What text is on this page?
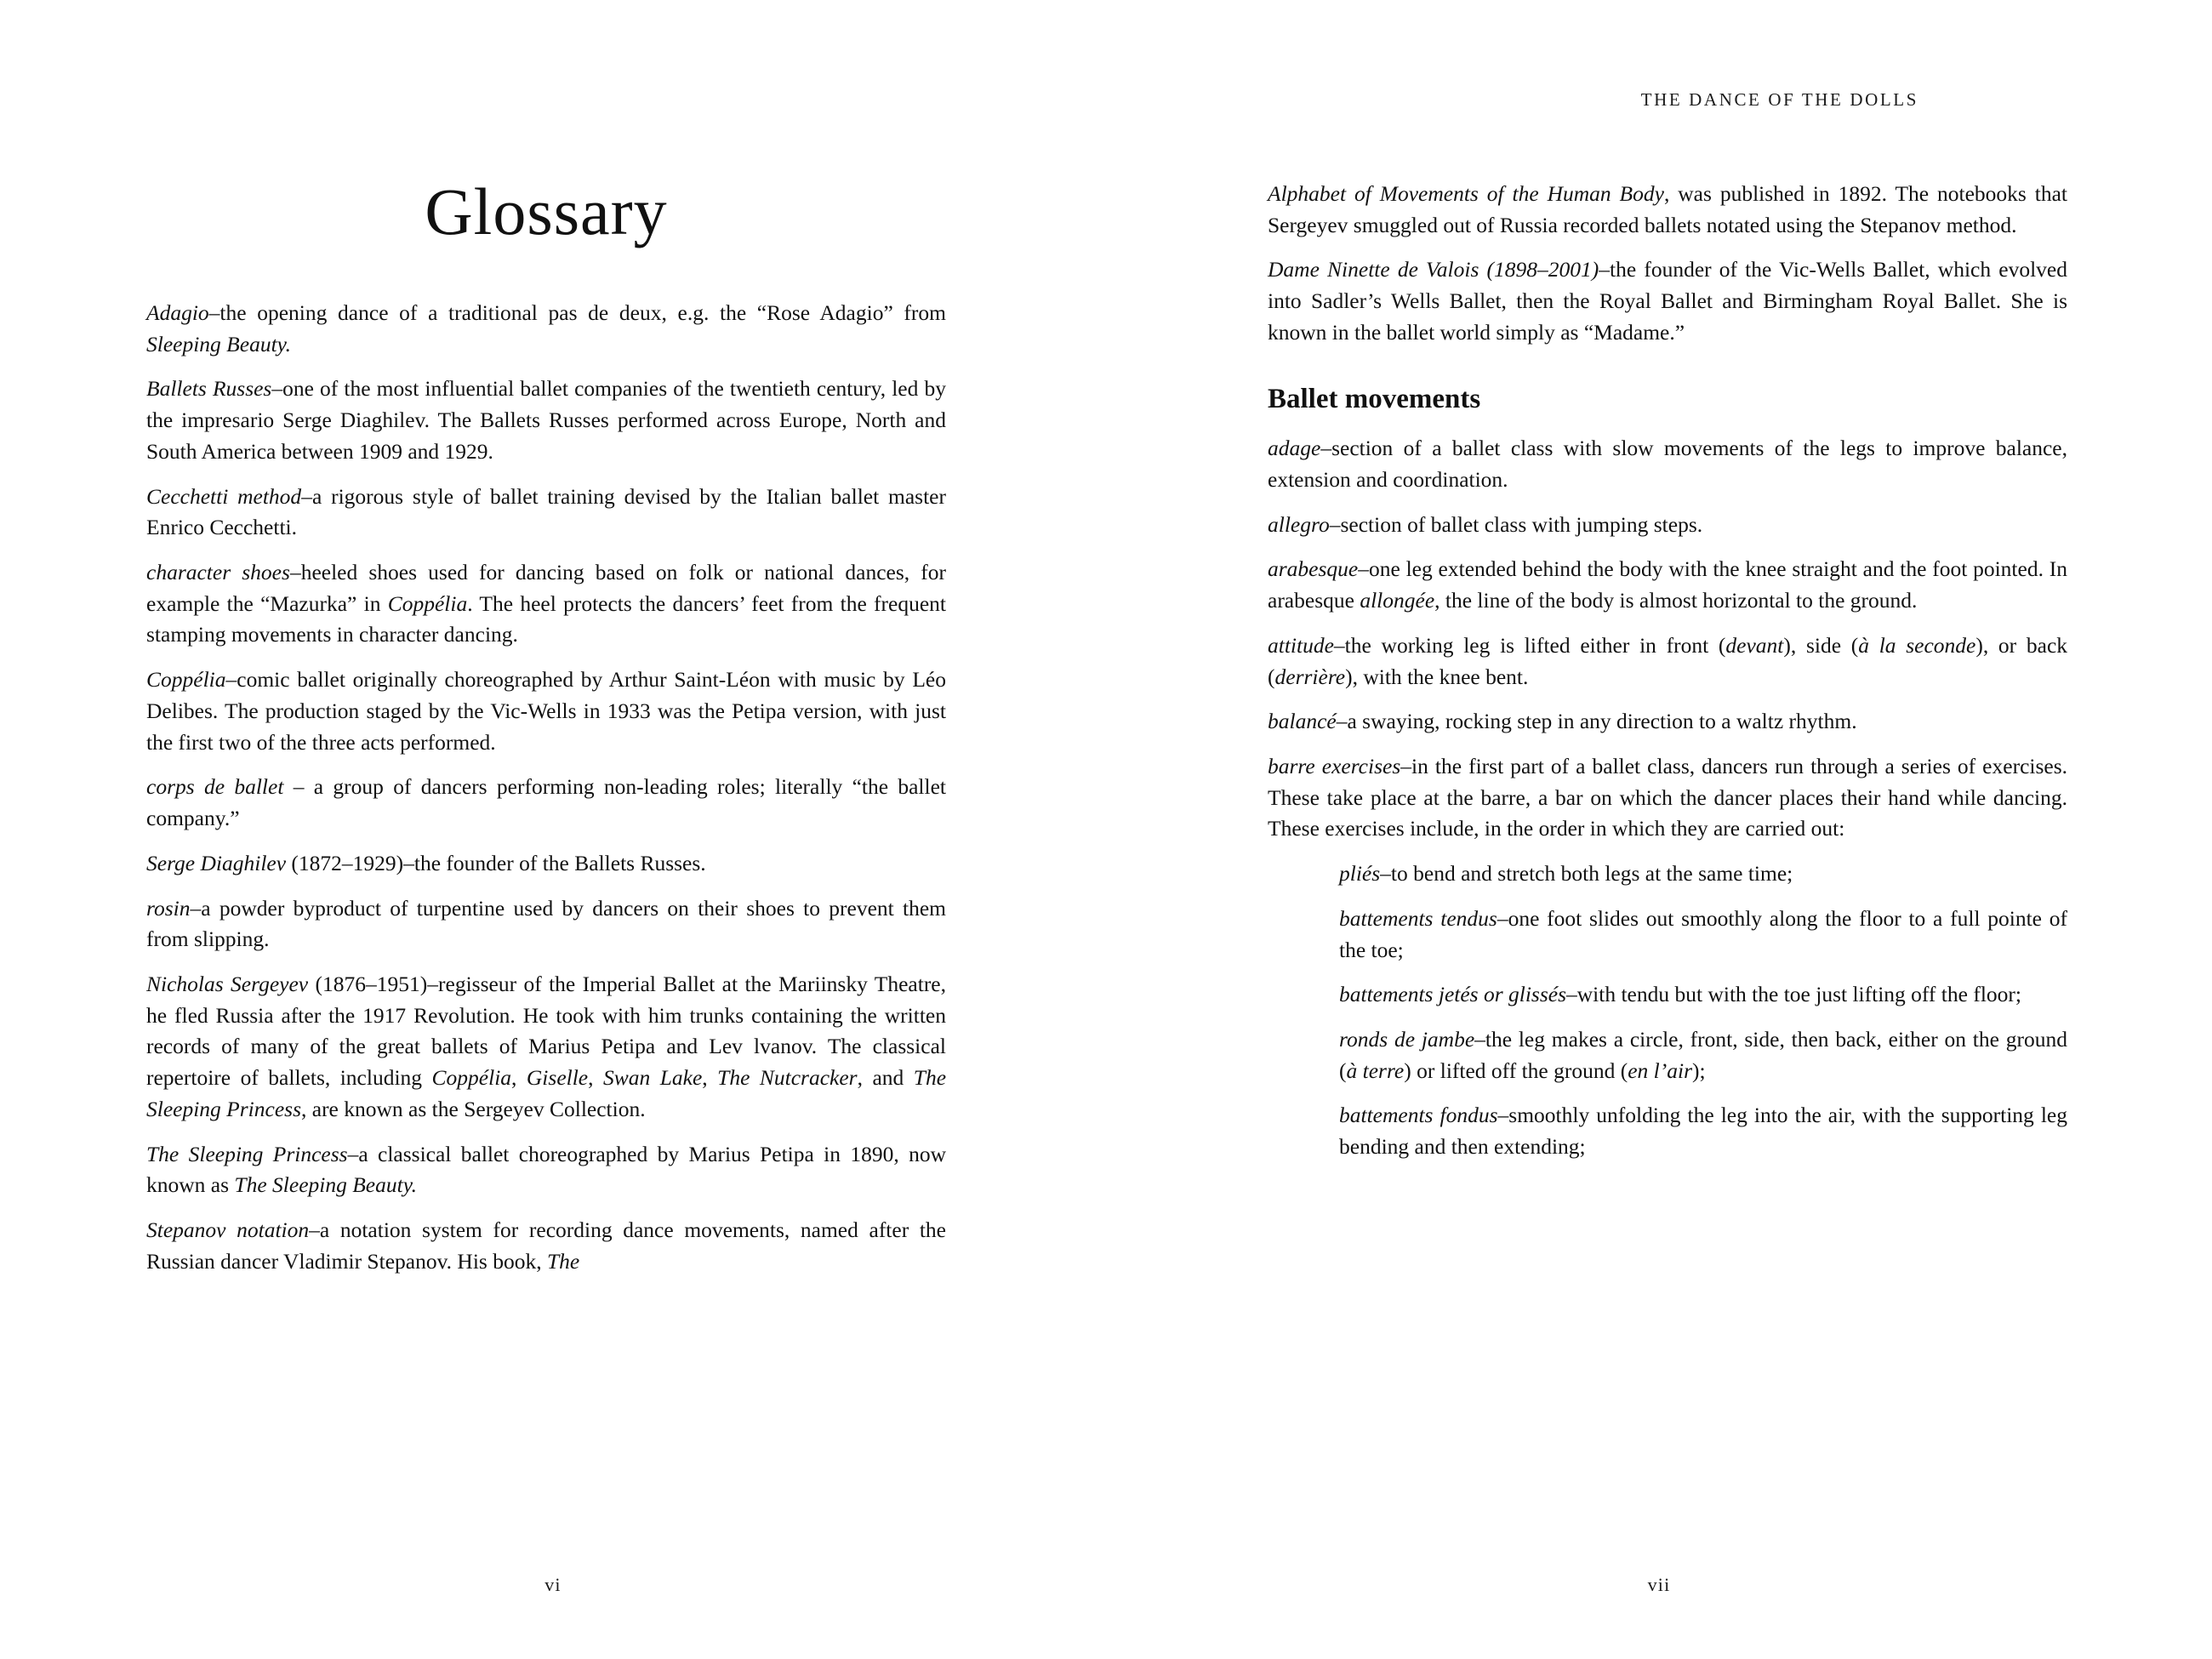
Glossary

Adagio–the opening dance of a traditional pas de deux, e.g. the “Rose Adagio” from Sleeping Beauty.

Ballets Russes–one of the most influential ballet companies of the twentieth century, led by the impresario Serge Diaghilev. The Ballets Russes performed across Europe, North and South America between 1909 and 1929.

Cecchetti method–a rigorous style of ballet training devised by the Italian ballet master Enrico Cecchetti.

character shoes–heeled shoes used for dancing based on folk or national dances, for example the “Mazurka” in Coppélia. The heel protects the dancers’ feet from the frequent stamping movements in character dancing.

Coppélia–comic ballet originally choreographed by Arthur Saint-Léon with music by Léo Delibes. The production staged by the Vic-Wells in 1933 was the Petipa version, with just the first two of the three acts performed.

corps de ballet – a group of dancers performing non-leading roles; literally “the ballet company.”

Serge Diaghilev (1872–1929)–the founder of the Ballets Russes.

rosin–a powder byproduct of turpentine used by dancers on their shoes to prevent them from slipping.

Nicholas Sergeyev (1876–1951)–regisseur of the Imperial Ballet at the Mariinsky Theatre, he fled Russia after the 1917 Revolution. He took with him trunks containing the written records of many of the great ballets of Marius Petipa and Lev lvanov. The classical repertoire of ballets, including Coppélia, Giselle, Swan Lake, The Nutcracker, and The Sleeping Princess, are known as the Sergeyev Collection.

The Sleeping Princess–a classical ballet choreographed by Marius Petipa in 1890, now known as The Sleeping Beauty.

Stepanov notation–a notation system for recording dance movements, named after the Russian dancer Vladimir Stepanov. His book, The

vi
THE DANCE OF THE DOLLS

Alphabet of Movements of the Human Body, was published in 1892. The notebooks that Sergeyev smuggled out of Russia recorded ballets notated using the Stepanov method.

Dame Ninette de Valois (1898–2001)–the founder of the Vic-Wells Ballet, which evolved into Sadler’s Wells Ballet, then the Royal Ballet and Birmingham Royal Ballet. She is known in the ballet world simply as “Madame.”

Ballet movements

adage–section of a ballet class with slow movements of the legs to improve balance, extension and coordination.

allegro–section of ballet class with jumping steps.

arabesque–one leg extended behind the body with the knee straight and the foot pointed. In arabesque allongée, the line of the body is almost horizontal to the ground.

attitude–the working leg is lifted either in front (devant), side (à la seconde), or back (derrière), with the knee bent.

balancé–a swaying, rocking step in any direction to a waltz rhythm.

barre exercises–in the first part of a ballet class, dancers run through a series of exercises. These take place at the barre, a bar on which the dancer places their hand while dancing. These exercises include, in the order in which they are carried out:

pliés–to bend and stretch both legs at the same time;

battements tendus–one foot slides out smoothly along the floor to a full pointe of the toe;

battements jetés or glissés–with tendu but with the toe just lifting off the floor;

ronds de jambe–the leg makes a circle, front, side, then back, either on the ground (à terre) or lifted off the ground (en l’air);

battements fondus–smoothly unfolding the leg into the air, with the supporting leg bending and then extending;

vii
